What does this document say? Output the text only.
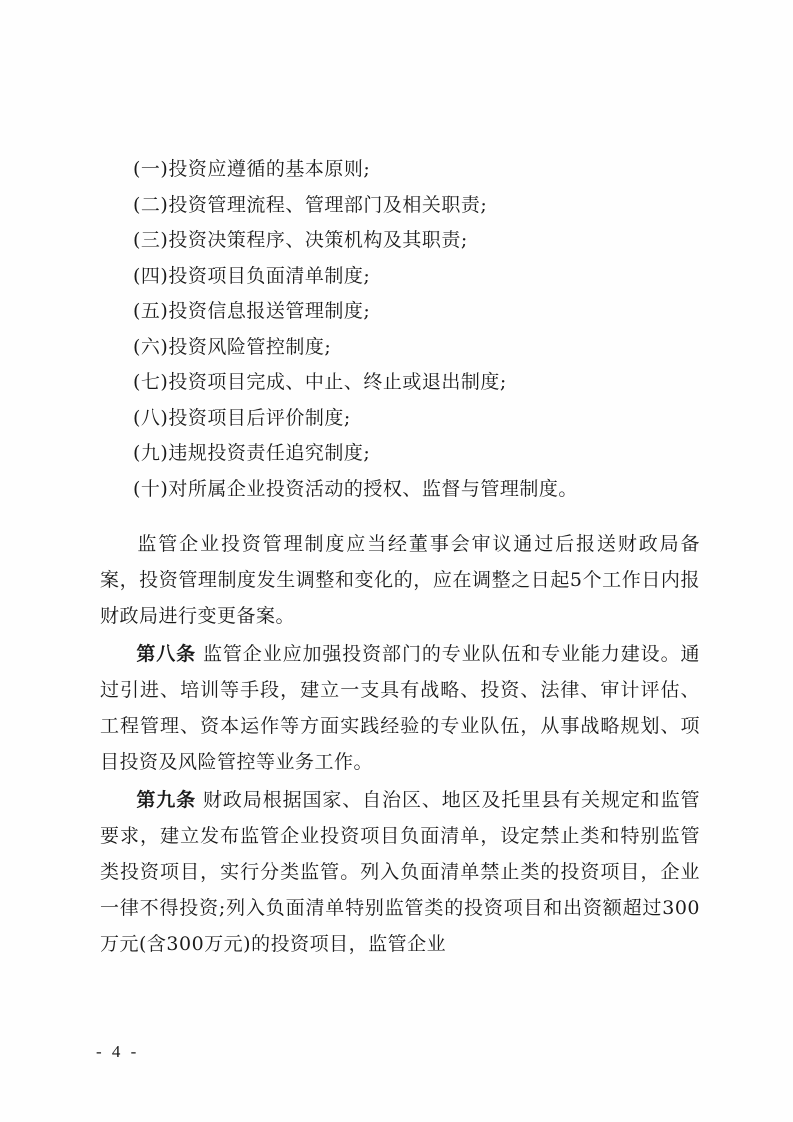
(一)投资应遵循的基本原则;
(二)投资管理流程、管理部门及相关职责;
(三)投资决策程序、决策机构及其职责;
(四)投资项目负面清单制度;
(五)投资信息报送管理制度;
(六)投资风险管控制度;
(七)投资项目完成、中止、终止或退出制度;
(八)投资项目后评价制度;
(九)违规投资责任追究制度;
(十)对所属企业投资活动的授权、监督与管理制度。

监管企业投资管理制度应当经董事会审议通过后报送财政局备案，投资管理制度发生调整和变化的，应在调整之日起5个工作日内报财政局进行变更备案。

第八条 监管企业应加强投资部门的专业队伍和专业能力建设。通过引进、培训等手段，建立一支具有战略、投资、法律、审计评估、工程管理、资本运作等方面实践经验的专业队伍，从事战略规划、项目投资及风险管控等业务工作。

第九条 财政局根据国家、自治区、地区及托里县有关规定和监管要求，建立发布监管企业投资项目负面清单，设定禁止类和特别监管类投资项目，实行分类监管。列入负面清单禁止类的投资项目，企业一律不得投资;列入负面清单特别监管类的投资项目和出资额超过300万元(含300万元)的投资项目，监管企业

- 4 -
